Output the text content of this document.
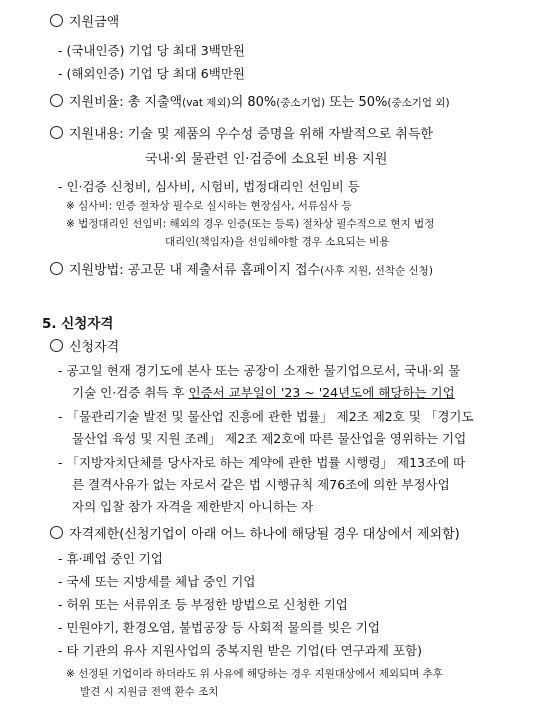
지원금액
- (국내인증) 기업 당 최대 3백만원
- (해외인증) 기업 당 최대 6백만원
지원비율: 총 지출액(vat 제외)의 80%(중소기업) 또는 50%(중소기업 외)
지원내용: 기술 및 제품의 우수성 증명을 위해 자발적으로 취득한
국내·외 물관련 인·검증에 소요된 비용 지원
- 인·검증 신청비, 심사비, 시험비, 법정대리인 선임비 등
※ 심사비: 인증 절차상 필수로 실시하는 현장심사, 서류심사 등
※ 법정대리인 선임비: 해외의 경우 인증(또는 등록) 절차상 필수적으로 현지 법정
대리인(책임자)을 선임해야할 경우 소요되는 비용
지원방법: 공고문 내 제출서류 홈페이지 접수(사후 지원, 선착순 신청)
5. 신청자격
신청자격
- 공고일 현재 경기도에 본사 또는 공장이 소재한 물기업으로서, 국내·외 물
기술 인·검증 취득 후 인증서 교부일이 '23 ~ '24년도에 해당하는 기업
- 「물관리기술 발전 및 물산업 진흥에 관한 법률」 제2조 제2호 및 「경기도
물산업 육성 및 지원 조례」 제2조 제2호에 따른 물산업을 영위하는 기업
- 「지방자치단체를 당사자로 하는 계약에 관한 법률 시행령」 제13조에 따
른 결격사유가 없는 자로서 같은 법 시행규칙 제76조에 의한 부정사업
자의 입찰 참가 자격을 제한받지 아니하는 자
자격제한(신청기업이 아래 어느 하나에 해당될 경우 대상에서 제외함)
- 휴·폐업 중인 기업
- 국세 또는 지방세를 체납 중인 기업
- 허위 또는 서류위조 등 부정한 방법으로 신청한 기업
- 민원야기, 환경오염, 불법공장 등 사회적 물의를 빚은 기업
- 타 기관의 유사 지원사업의 중복지원 받은 기업(타 연구과제 포함)
※ 선정된 기업이라 하더라도 위 사유에 해당하는 경우 지원대상에서 제외되며 추후
발견 시 지원금 전액 환수 조치
